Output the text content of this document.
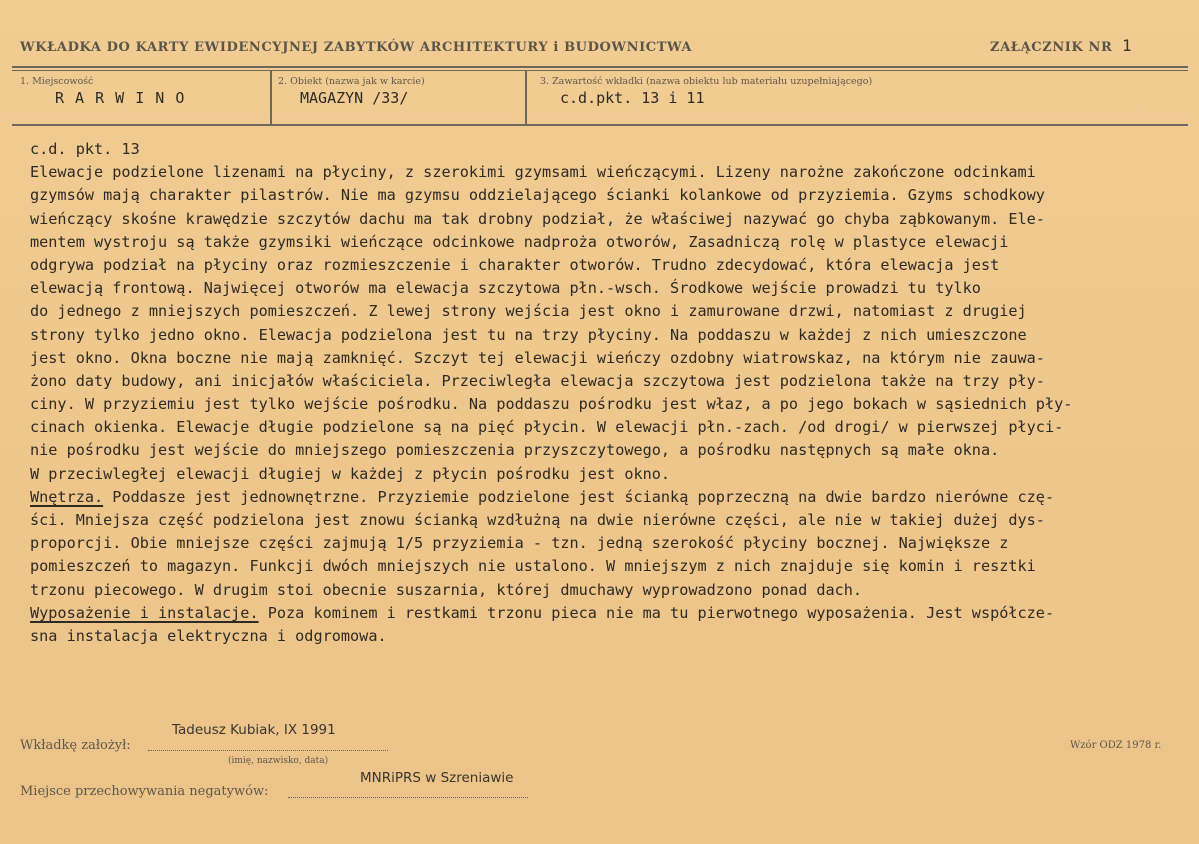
WKŁADKA DO KARTY EWIDENCYJNEJ ZABYTKÓW ARCHITEKTURY i BUDOWNICTWA	ZAŁĄCZNIK NR 1
1. Miejscowość
R A R W I N O
2. Obiekt (nazwa jak w karcie)
MAGAZYN /33/
3. Zawartość wkładki (nazwa obiektu lub materiału uzupełniającego)
c.d.pkt. 13 i 11
c.d. pkt. 13
Elewacje podzielone lizenami na płyciny, z szerokimi gzymsami wieńczącymi. Lizeny narożne zakończone odcinkami
gzymsów mają charakter pilastrów. Nie ma gzymsu oddzielającego ścianki kolankowe od przyziemia. Gzyms schodkowy
wieńczący skośne krawędzie szczytów dachu ma tak drobny podział, że właściwej nazywać go chyba ząbkowanym. Ele-
mentem wystroju są także gzymsiki wieńczące odcinkowe nadproża otworów, Zasadniczą rolę w plastyce elewacji
odgrywa podział na płyciny oraz rozmieszczenie i charakter otworów. Trudno zdecydować, która elewacja jest
elewacją frontową. Najwięcej otworów ma elewacja szczytowa płn.-wsch. Środkowe wejście prowadzi tu tylko
do jednego z mniejszych pomieszczeń. Z lewej strony wejścia jest okno i zamurowane drzwi, natomiast z drugiej
strony tylko jedno okno. Elewacja podzielona jest tu na trzy płyciny. Na poddaszu w każdej z nich umieszczone
jest okno. Okna boczne nie mają zamknięć. Szczyt tej elewacji wieńczy ozdobny wiatrowskaz, na którym nie zauwa-
żono daty budowy, ani inicjałów właściciela. Przeciwległa elewacja szczytowa jest podzielona także na trzy pły-
ciny. W przyziemiu jest tylko wejście pośrodku. Na poddaszu pośrodku jest właz, a po jego bokach w sąsiednich pły-
cinach okienka. Elewacje długie podzielone są na pięć płycin. W elewacji płn.-zach. /od drogi/ w pierwszej płyci-
nie pośrodku jest wejście do mniejszego pomieszczenia przyszczytowego, a pośrodku następnych są małe okna.
W przeciwległej elewacji długiej w każdej z płycin pośrodku jest okno.
Wnętrza. Poddasze jest jednownętrzne. Przyziemie podzielone jest ścianką poprzeczną na dwie bardzo nierówne czę-
ści. Mniejsza część podzielona jest znowu ścianką wzdłużną na dwie nierówne części, ale nie w takiej dużej dys-
proporcji. Obie mniejsze części zajmują 1/5 przyziemia - tzn. jedną szerokość płyciny bocznej. Największe z
pomieszczeń to magazyn. Funkcji dwóch mniejszych nie ustalono. W mniejszym z nich znajduje się komin i resztki
trzonu piecowego. W drugim stoi obecnie suszarnia, której dmuchawy wyprowadzono ponad dach.
Wyposażenie i instalacje. Poza kominem i restkami trzonu pieca nie ma tu pierwotnego wyposażenia. Jest współcze-
sna instalacja elektryczna i odgromowa.
Wkładkę założył:
Tadeusz Kubiak, IX 1991
(imię, nazwisko, data)
Miejsce przechowywania negatywów:
MNRiPRS w Szreniawie
Wzór ODZ 1978 r.
